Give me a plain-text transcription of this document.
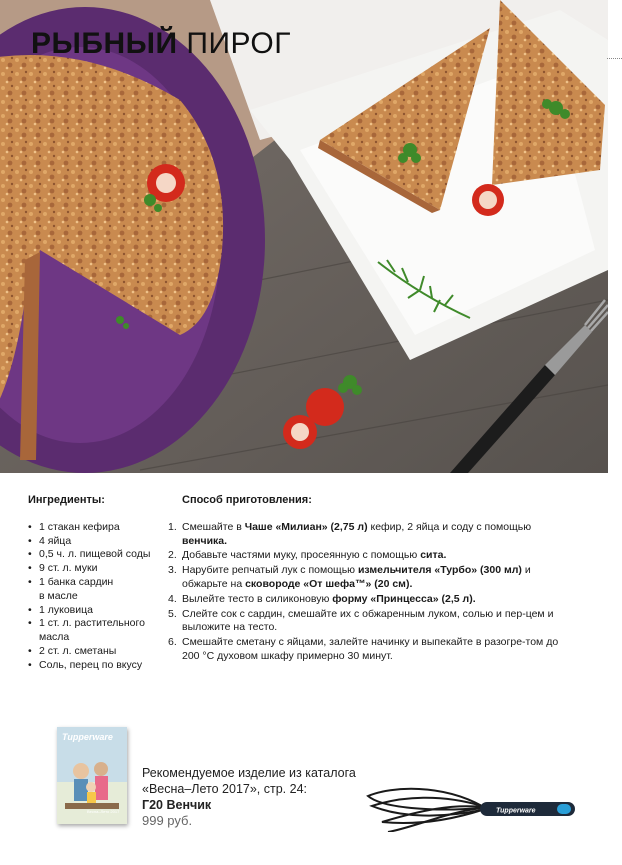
РЫБНЫЙ ПИРОГ
Ингредиенты:
• 1 стакан кефира
• 4 яйца
• 0,5 ч. л. пищевой соды
• 9 ст. л. муки
• 1 банка сардин
в масле
• 1 луковица
• 1 ст. л. растительного
масла
• 2 ст. л. сметаны
• Соль, перец по вкусу
Способ приготовления:
1. Смешайте в Чаше «Милиан» (2,75 л) кефир, 2 яйца и соду с помощью венчика.
2. Добавьте частями муку, просеянную с помощью сита.
3. Нарубите репчатый лук с помощью измельчителя «Турбо» (300 мл) и обжарьте на сковороде «От шефа™» (20 см).
4. Вылейте тесто в силиконовую форму «Принцесса» (2,5 л).
5. Слейте сок с сардин, смешайте их с обжаренным луком, солью и пер-цем и выложите на тесто.
6. Смешайте сметану с яйцами, залейте начинку и выпекайте в разогре-том до 200 °C духовом шкафу примерно 30 минут.
Tupperware
Весна–Лето 2017
Рекомендуемое изделие из каталога
«Весна–Лето 2017», стр. 24:
Г20 Венчик
999 руб.
Tupperware
